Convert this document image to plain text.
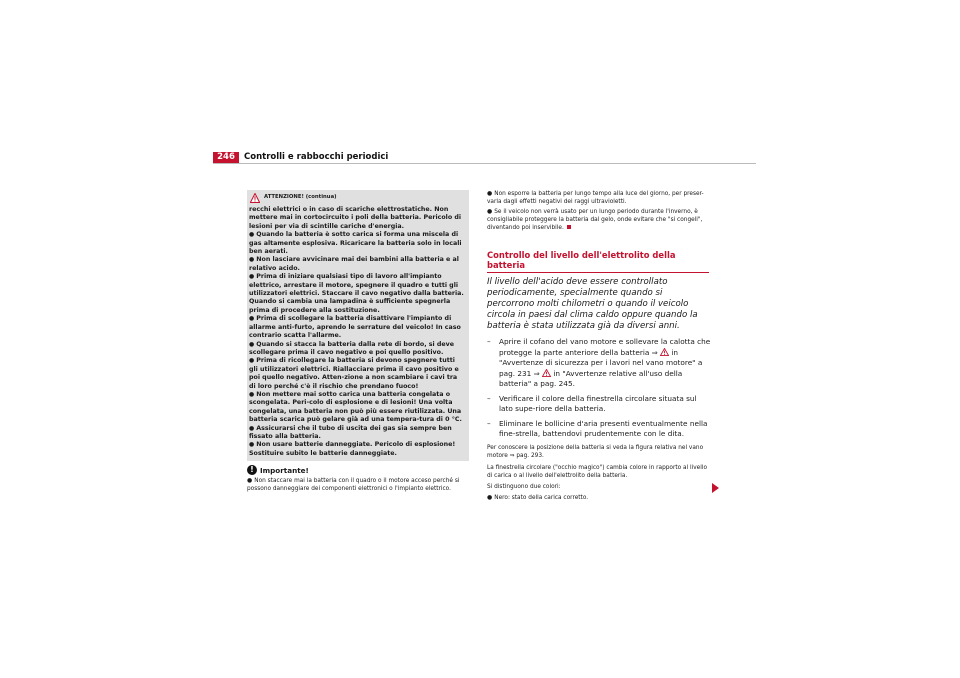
246	Controlli e rabbocchi periodici
ATTENZIONE! (continua)

recchi elettrici o in caso di scariche elettrostatiche. Non mettere mai in cortocircuito i poli della batteria. Pericolo di lesioni per via di scintille cariche d'energia.

● Quando la batteria è sotto carica si forma una miscela di gas altamente esplosiva. Ricaricare la batteria solo in locali ben aerati.

● Non lasciare avvicinare mai dei bambini alla batteria e al relativo acido.

● Prima di iniziare qualsiasi tipo di lavoro all'impianto elettrico, arrestare il motore, spegnere il quadro e tutti gli utilizzatori elettrici. Staccare il cavo negativo dalla batteria. Quando si cambia una lampadina è sufficiente spegnerla prima di procedere alla sostituzione.

● Prima di scollegare la batteria disattivare l'impianto di allarme anti-furto, aprendo le serrature del veicolo! In caso contrario scatta l'allarme.

● Quando si stacca la batteria dalla rete di bordo, si deve scollegare prima il cavo negativo e poi quello positivo.

● Prima di ricollegare la batteria si devono spegnere tutti gli utilizzatori elettrici. Riallacciare prima il cavo positivo e poi quello negativo. Atten-zione a non scambiare i cavi tra di loro perché c'è il rischio che prendano fuoco!

● Non mettere mai sotto carica una batteria congelata o scongelata. Peri-colo di esplosione e di lesioni! Una volta congelata, una batteria non può più essere riutilizzata. Una batteria scarica può gelare già ad una tempera-tura di 0 °C.

● Assicurarsi che il tubo di uscita dei gas sia sempre ben fissato alla batteria.

● Non usare batterie danneggiate. Pericolo di esplosione! Sostituire subito le batterie danneggiate.

! Importante!

● Non staccare mai la batteria con il quadro o il motore acceso perché si possono danneggiare dei componenti elettronici o l'impianto elettrico.

● Non esporre la batteria per lungo tempo alla luce del giorno, per preser-varla dagli effetti negativi dei raggi ultravioletti.

● Se il veicolo non verrà usato per un lungo periodo durante l'inverno, è consigliabile proteggere la batteria dal gelo, onde evitare che "si congeli", diventando poi inservibile.

Controllo del livello dell'elettrolito della batteria
Il livello dell'acido deve essere controllato periodicamente, specialmente quando si percorrono molti chilometri o quando il veicolo circola in paesi dal clima caldo oppure quando la batteria è stata utilizzata già da diversi anni.
– Aprire il cofano del vano motore e sollevare la calotta che protegge la parte anteriore della batteria ⇒ in "Avvertenze di sicurezza per i lavori nel vano motore" a pag. 231 ⇒ in "Avvertenze relative all'uso della batteria" a pag. 245.
– Verificare il colore della finestrella circolare situata sul lato supe-riore della batteria.
– Eliminare le bollicine d'aria presenti eventualmente nella fine-strella, battendovi prudentemente con le dita.

Per conoscere la posizione della batteria si veda la figura relativa nel vano motore ⇒ pag. 293.

La finestrella circolare ("occhio magico") cambia colore in rapporto al livello di carica o al livello dell'elettrolito della batteria.

Si distinguono due colori:

● Nero: stato della carica corretto.
